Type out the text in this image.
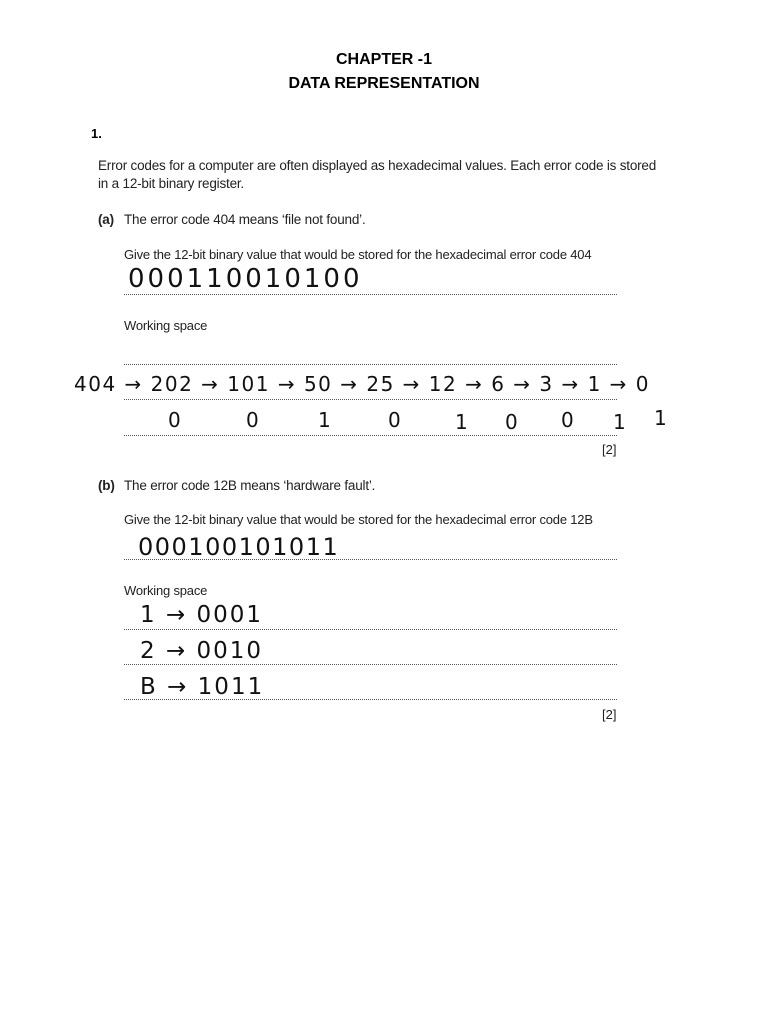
CHAPTER -1
DATA REPRESENTATION
1.
Error codes for a computer are often displayed as hexadecimal values. Each error code is stored
in a 12-bit binary register.
(a) The error code 404 means ‘file not found’.
Give the 12-bit binary value that would be stored for the hexadecimal error code 404
000110010100
Working space
404 → 202 → 101 → 50 → 25 → 12 → 6 → 3 → 1 → 0
0	0	1	0	1 0 0 1 1
[2]
(b) The error code 12B means ‘hardware fault’.
Give the 12-bit binary value that would be stored for the hexadecimal error code 12B
000100101011
Working space
1 → 0001
2 → 0010
B → 1011
[2]
